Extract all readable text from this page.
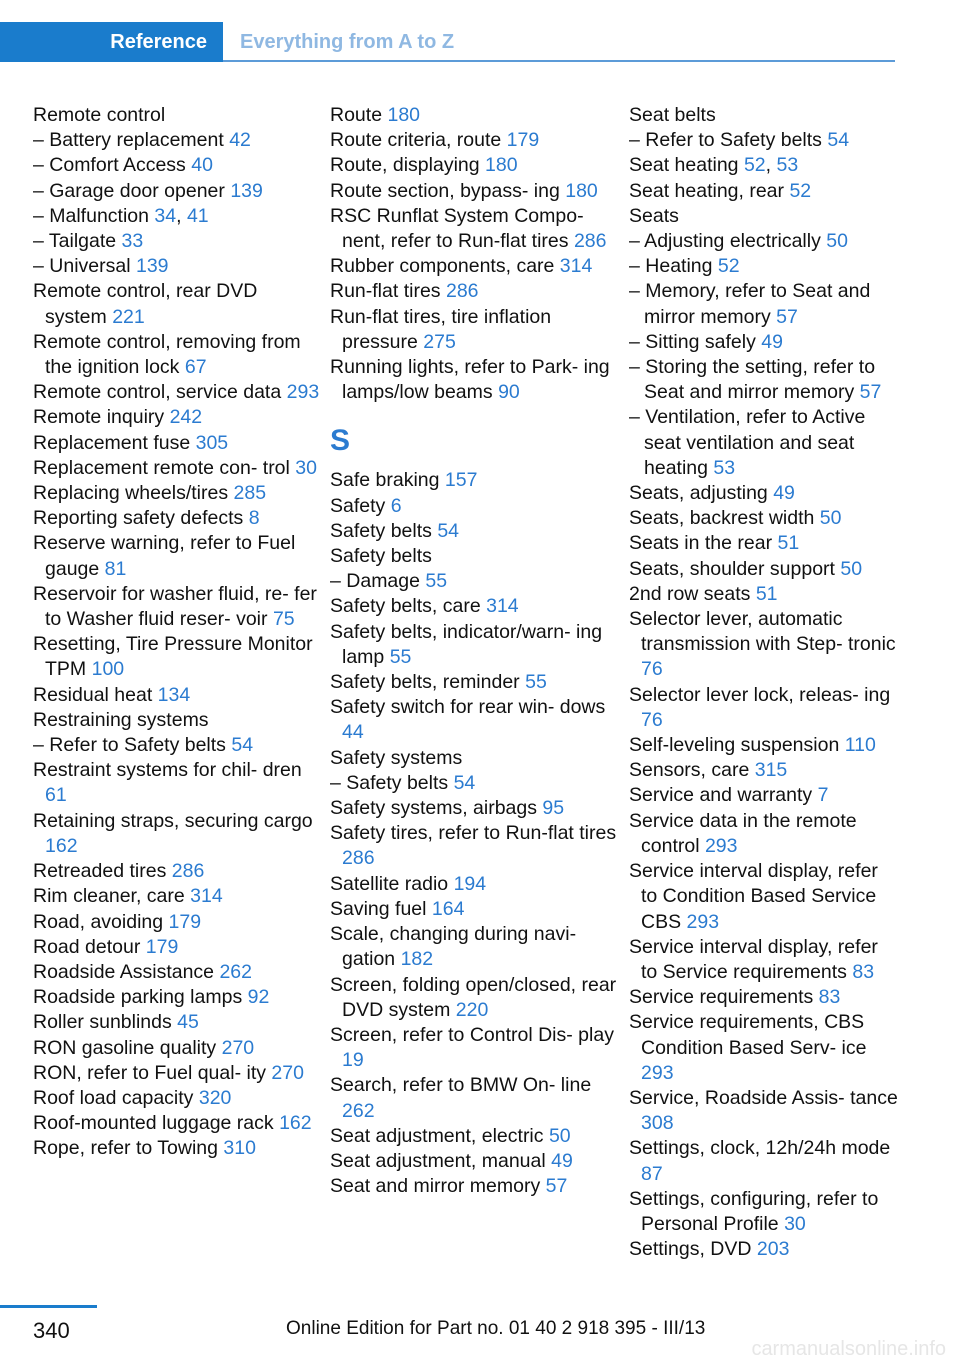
Reference	Everything from A to Z
Remote control
– Battery replacement 42
– Comfort Access 40
– Garage door opener 139
– Malfunction 34, 41
– Tailgate 33
– Universal 139
Remote control, rear DVD system 221
Remote control, removing from the ignition lock 67
Remote control, service data 293
Remote inquiry 242
Replacement fuse 305
Replacement remote con‐ trol 30
Replacing wheels/tires 285
Reporting safety defects 8
Reserve warning, refer to Fuel gauge 81
Reservoir for washer fluid, re‐ fer to Washer fluid reser‐ voir 75
Resetting, Tire Pressure Monitor TPM 100
Residual heat 134
Restraining systems
– Refer to Safety belts 54
Restraint systems for chil‐ dren 61
Retaining straps, securing cargo 162
Retreaded tires 286
Rim cleaner, care 314
Road, avoiding 179
Road detour 179
Roadside Assistance 262
Roadside parking lamps 92
Roller sunblinds 45
RON gasoline quality 270
RON, refer to Fuel qual‐ ity 270
Roof load capacity 320
Roof-mounted luggage rack 162
Rope, refer to Towing 310
Route 180
Route criteria, route 179
Route, displaying 180
Route section, bypass‐ ing 180
RSC Runflat System Compo‐ nent, refer to Run-flat tires 286
Rubber components, care 314
Run-flat tires 286
Run-flat tires, tire inflation pressure 275
Running lights, refer to Park‐ ing lamps/low beams 90
S
Safe braking 157
Safety 6
Safety belts 54
Safety belts
– Damage 55
Safety belts, care 314
Safety belts, indicator/warn‐ ing lamp 55
Safety belts, reminder 55
Safety switch for rear win‐ dows 44
Safety systems
– Safety belts 54
Safety systems, airbags 95
Safety tires, refer to Run-flat tires 286
Satellite radio 194
Saving fuel 164
Scale, changing during navi‐ gation 182
Screen, folding open/closed, rear DVD system 220
Screen, refer to Control Dis‐ play 19
Search, refer to BMW On‐ line 262
Seat adjustment, electric 50
Seat adjustment, manual 49
Seat and mirror memory 57
Seat belts
– Refer to Safety belts 54
Seat heating 52, 53
Seat heating, rear 52
Seats
– Adjusting electrically 50
– Heating 52
– Memory, refer to Seat and mirror memory 57
– Sitting safely 49
– Storing the setting, refer to Seat and mirror memory 57
– Ventilation, refer to Active seat ventilation and seat heating 53
Seats, adjusting 49
Seats, backrest width 50
Seats in the rear 51
Seats, shoulder support 50
2nd row seats 51
Selector lever, automatic transmission with Step‐ tronic 76
Selector lever lock, releas‐ ing 76
Self-leveling suspension 110
Sensors, care 315
Service and warranty 7
Service data in the remote control 293
Service interval display, refer to Condition Based Service CBS 293
Service interval display, refer to Service requirements 83
Service requirements 83
Service requirements, CBS Condition Based Serv‐ ice 293
Service, Roadside Assis‐ tance 308
Settings, clock, 12h/24h mode 87
Settings, configuring, refer to Personal Profile 30
Settings, DVD 203
340	Online Edition for Part no. 01 40 2 918 395 - III/13
carmanualsonline.info
